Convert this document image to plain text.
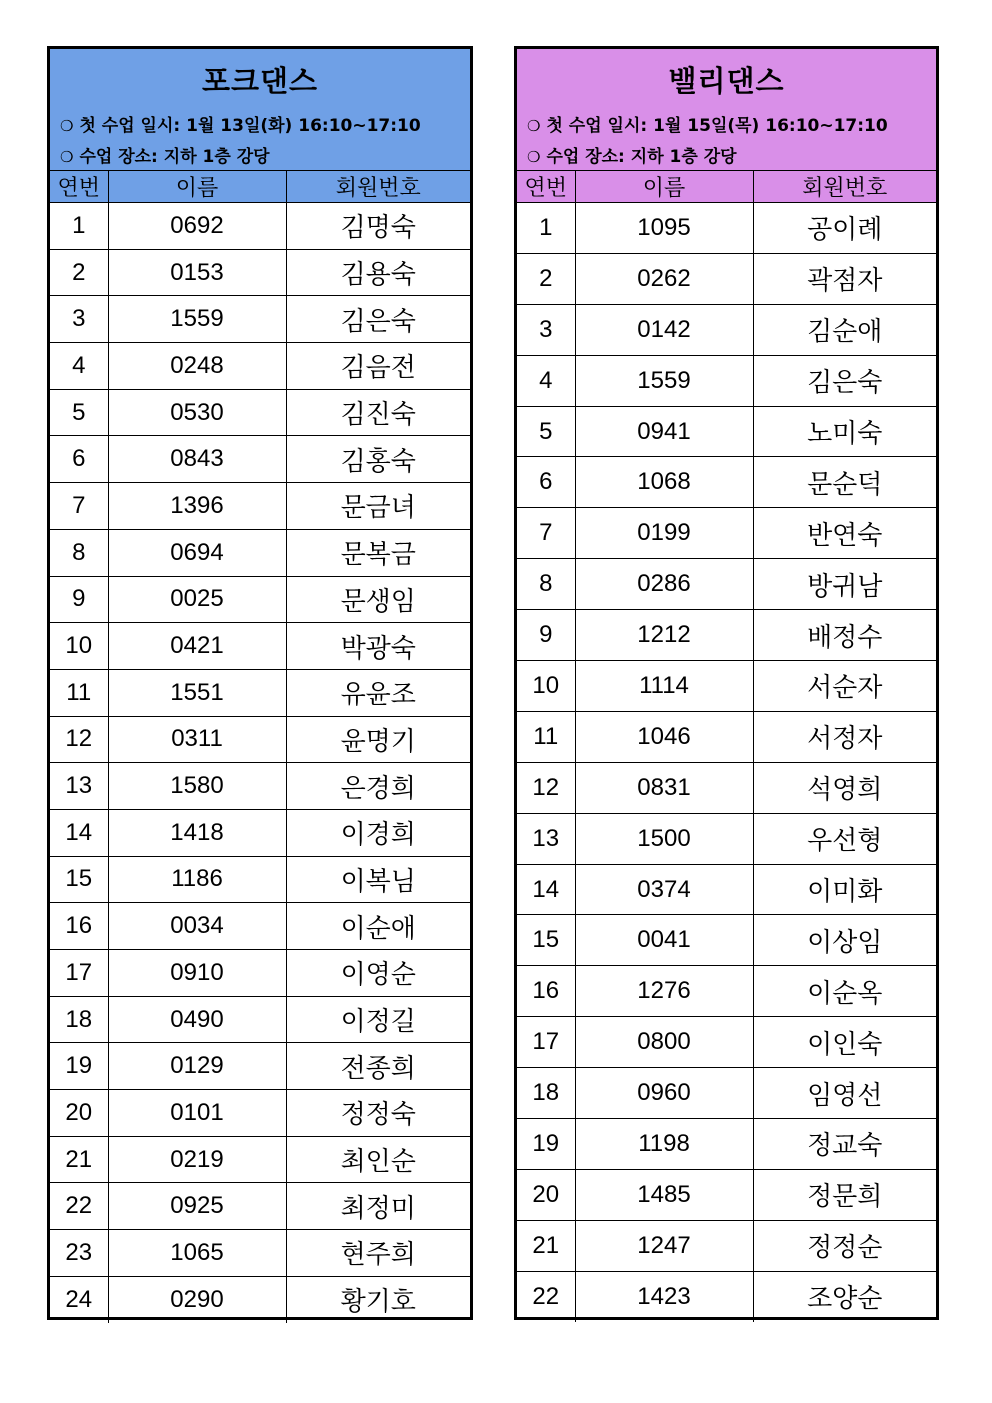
포크댄스
❍ 첫 수업 일시: 1월 13일(화) 16:10~17:10
❍ 수업 장소: 지하 1층 강당
연번	이름	회원번호
1	0692	김명숙
2	0153	김용숙
3	1559	김은숙
4	0248	김음전
5	0530	김진숙
6	0843	김홍숙
7	1396	문금녀
8	0694	문복금
9	0025	문생임
10	0421	박광숙
11	1551	유윤조
12	0311	윤명기
13	1580	은경희
14	1418	이경희
15	1186	이복님
16	0034	이순애
17	0910	이영순
18	0490	이정길
19	0129	전종희
20	0101	정정숙
21	0219	최인순
22	0925	최정미
23	1065	현주희
24	0290	황기호
밸리댄스
❍ 첫 수업 일시: 1월 15일(목) 16:10~17:10
❍ 수업 장소: 지하 1층 강당
연번	이름	회원번호
1	1095	공이례
2	0262	곽점자
3	0142	김순애
4	1559	김은숙
5	0941	노미숙
6	1068	문순덕
7	0199	반연숙
8	0286	방귀남
9	1212	배정수
10	1114	서순자
11	1046	서정자
12	0831	석영희
13	1500	우선형
14	0374	이미화
15	0041	이상임
16	1276	이순옥
17	0800	이인숙
18	0960	임영선
19	1198	정교숙
20	1485	정문희
21	1247	정정순
22	1423	조양순
